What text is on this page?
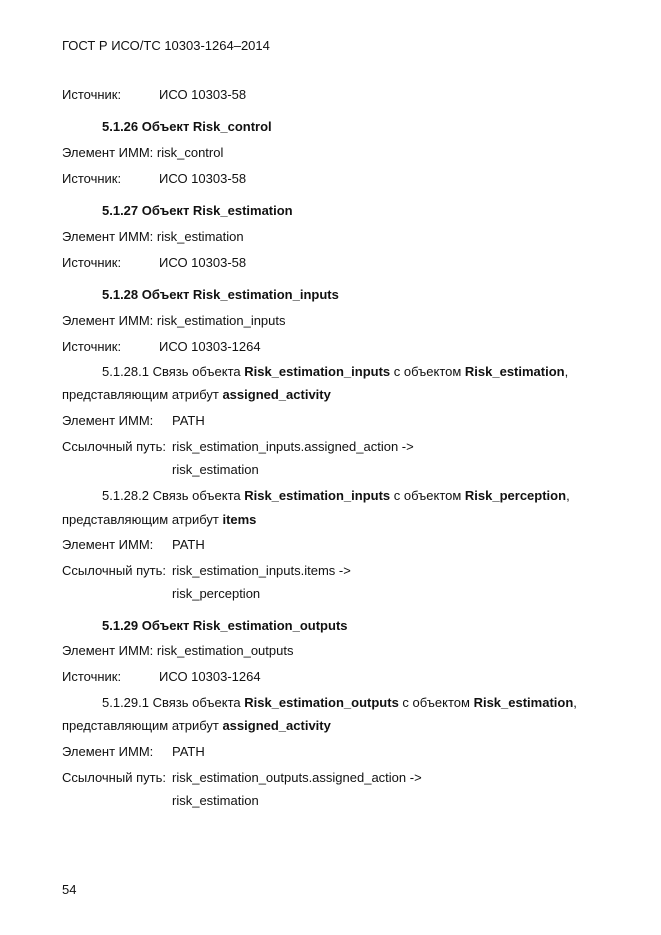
ГОСТ Р ИСО/ТС 10303-1264–2014
Источник:	ИСО 10303-58
5.1.26 Объект Risk_control
Элемент ИММ: risk_control
Источник:	ИСО 10303-58
5.1.27 Объект Risk_estimation
Элемент ИММ: risk_estimation
Источник:	ИСО 10303-58
5.1.28 Объект Risk_estimation_inputs
Элемент ИММ: risk_estimation_inputs
Источник:	ИСО 10303-1264
5.1.28.1 Связь объекта Risk_estimation_inputs с объектом Risk_estimation,
представляющим атрибут assigned_activity
Элемент ИММ: PATH
Ссылочный путь: risk_estimation_inputs.assigned_action ->
risk_estimation
5.1.28.2 Связь объекта Risk_estimation_inputs с объектом Risk_perception,
представляющим атрибут items
Элемент ИММ: PATH
Ссылочный путь: risk_estimation_inputs.items ->
risk_perception
5.1.29 Объект Risk_estimation_outputs
Элемент ИММ: risk_estimation_outputs
Источник:	ИСО 10303-1264
5.1.29.1 Связь объекта Risk_estimation_outputs с объектом Risk_estimation,
представляющим атрибут assigned_activity
Элемент ИММ: PATH
Ссылочный путь: risk_estimation_outputs.assigned_action ->
risk_estimation
54
